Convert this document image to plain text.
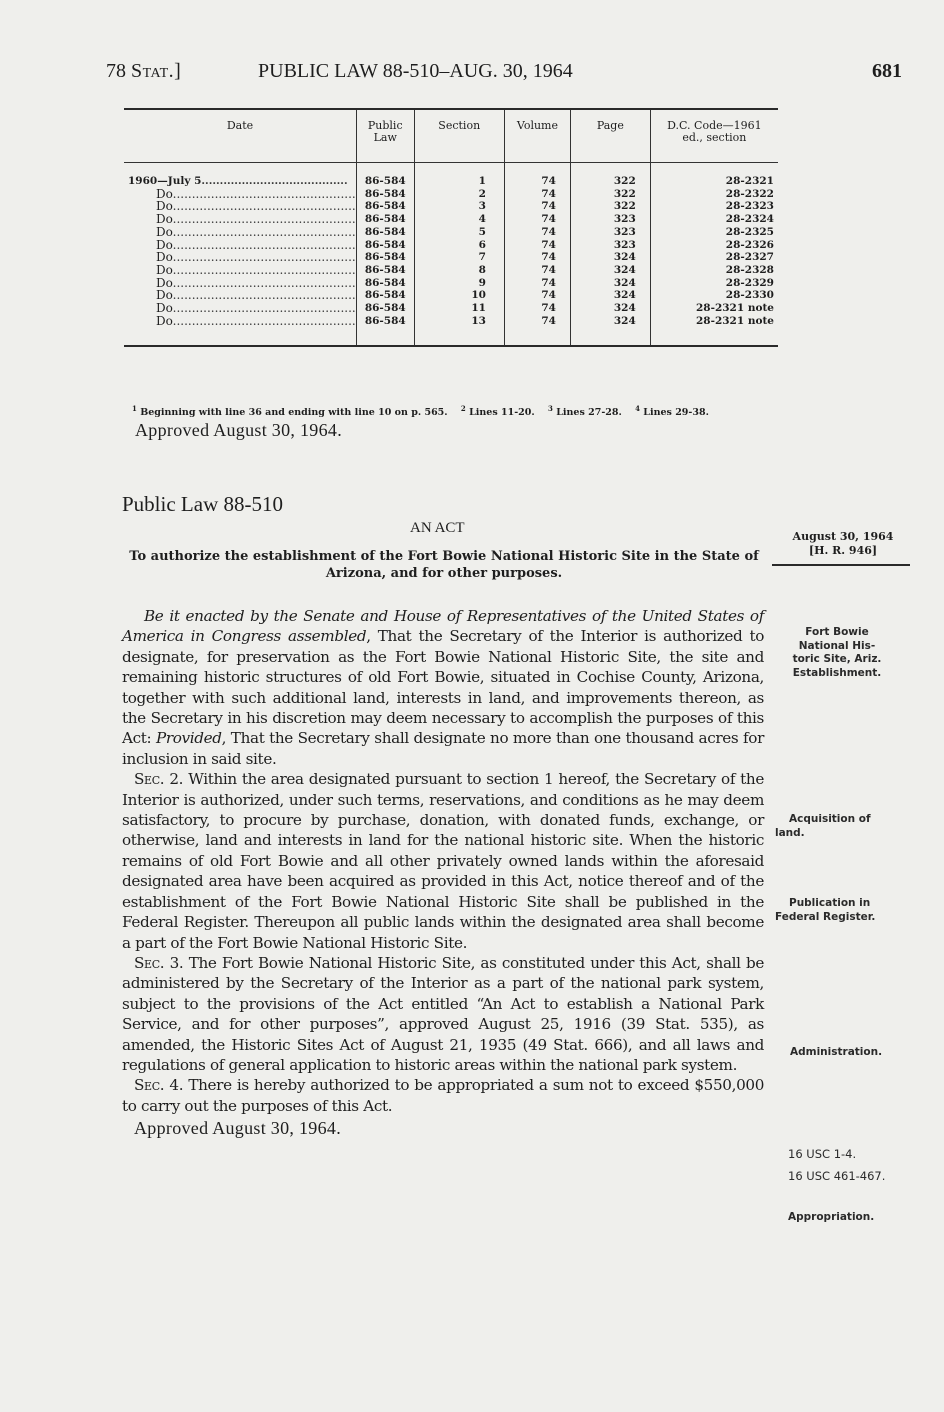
78 Stat.]	PUBLIC LAW 88-510–AUG. 30, 1964	681
Date	Public Law	Section	Volume	Page	D.C. Code—1961 ed., section
1960—July 5........................................	86-584	1	74	322	28-2321
Do................................................	86-584	2	74	322	28-2322
Do................................................	86-584	3	74	322	28-2323
Do................................................	86-584	4	74	323	28-2324
Do................................................	86-584	5	74	323	28-2325
Do................................................	86-584	6	74	323	28-2326
Do................................................	86-584	7	74	324	28-2327
Do................................................	86-584	8	74	324	28-2328
Do................................................	86-584	9	74	324	28-2329
Do................................................	86-584	10	74	324	28-2330
Do................................................	86-584	11	74	324	28-2321 note
Do................................................	86-584	13	74	324	28-2321 note
$^1$ Beginning with line 36 and ending with line 10 on p. 565. $^2$ Lines 11-20. $^3$ Lines 27-28. $^4$ Lines 29-38.
Approved August 30, 1964.
Public Law 88-510
AN ACT
To authorize the establishment of the Fort Bowie National Historic Site in the State of Arizona, and for other purposes.
August 30, 1964
[H. R. 946]

Be it enacted by the Senate and House of Representatives of the United States of America in Congress assembled, That the Secretary of the Interior is authorized to designate, for preservation as the Fort Bowie National Historic Site, the site and remaining historic structures of old Fort Bowie, situated in Cochise County, Arizona, together with such additional land, interests in land, and improvements thereon, as the Secretary in his discretion may deem necessary to accomplish the purposes of this Act: Provided, That the Secretary shall designate no more than one thousand acres for inclusion in said site.

Sec. 2. Within the area designated pursuant to section 1 hereof, the Secretary of the Interior is authorized, under such terms, reservations, and conditions as he may deem satisfactory, to procure by purchase, donation, with donated funds, exchange, or otherwise, land and interests in land for the national historic site. When the historic remains of old Fort Bowie and all other privately owned lands within the aforesaid designated area have been acquired as provided in this Act, notice thereof and of the establishment of the Fort Bowie National Historic Site shall be published in the Federal Register. Thereupon all public lands within the designated area shall become a part of the Fort Bowie National Historic Site.

Sec. 3. The Fort Bowie National Historic Site, as constituted under this Act, shall be administered by the Secretary of the Interior as a part of the national park system, subject to the provisions of the Act entitled “An Act to establish a National Park Service, and for other purposes”, approved August 25, 1916 (39 Stat. 535), as amended, the Historic Sites Act of August 21, 1935 (49 Stat. 666), and all laws and regulations of general application to historic areas within the national park system.

Sec. 4. There is hereby authorized to be appropriated a sum not to exceed $550,000 to carry out the purposes of this Act.

Approved August 30, 1964.

Fort Bowie
National His-
toric Site, Ariz.
Establishment.
Acquisition of
land.
Publication in
Federal Register.
Administration.
16 USC 1-4.
16 USC 461-467.
Appropriation.
